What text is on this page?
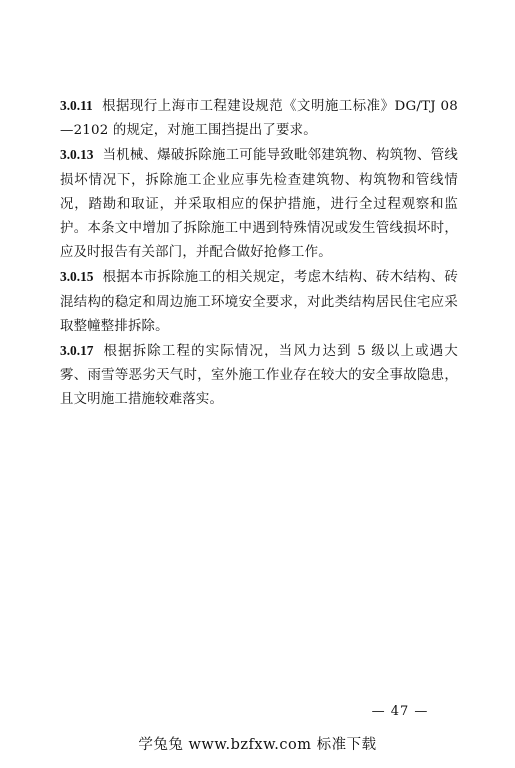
3.0.11 根据现行上海市工程建设规范《文明施工标准》DG/TJ 08—2102 的规定，对施工围挡提出了要求。

3.0.13 当机械、爆破拆除施工可能导致毗邻建筑物、构筑物、管线损坏情况下，拆除施工企业应事先检查建筑物、构筑物和管线情况，踏勘和取证，并采取相应的保护措施，进行全过程观察和监护。本条文中增加了拆除施工中遇到特殊情况或发生管线损坏时，应及时报告有关部门，并配合做好抢修工作。

3.0.15 根据本市拆除施工的相关规定，考虑木结构、砖木结构、砖混结构的稳定和周边施工环境安全要求，对此类结构居民住宅应采取整幢整排拆除。

3.0.17 根据拆除工程的实际情况，当风力达到 5 级以上或遇大雾、雨雪等恶劣天气时，室外施工作业存在较大的安全事故隐患，且文明施工措施较难落实。

— 47 —
学兔兔 www.bzfxw.com 标准下载
